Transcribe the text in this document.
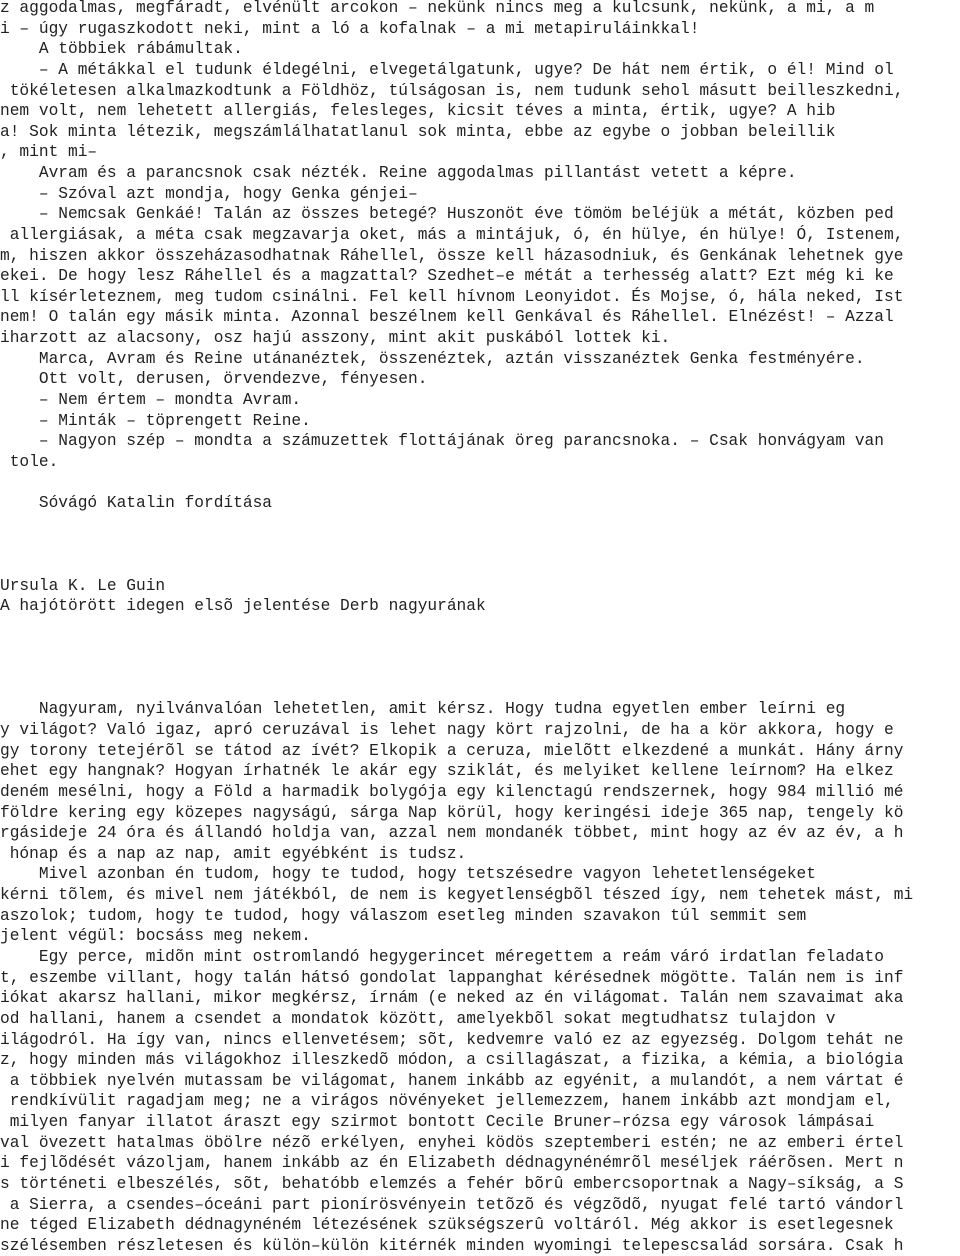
z aggodalmas, megfáradt, elvénült arcokon – nekünk nincs meg a kulcsunk, nekünk, a mi, a m
i – úgy rugaszkodott neki, mint a ló a kofalnak – a mi metapiruláinkkal!
A többiek rábámultak.
– A métákkal el tudunk éldegélni, elvegetálgatunk, ugye? De hát nem értik, o él! Mind ol
tökéletesen alkalmazkodtunk a Földhöz, túlságosan is, nem tudunk sehol másutt beilleszkedni,
nem volt, nem lehetett allergiás, felesleges, kicsit téves a minta, értik, ugye? A hib
a! Sok minta létezik, megszámlálhatatlanul sok minta, ebbe az egybe o jobban beleillik
, mint mi–
Avram és a parancsnok csak nézték. Reine aggodalmas pillantást vetett a képre.
– Szóval azt mondja, hogy Genka génjei–
– Nemcsak Genkáé! Talán az összes betegé? Huszonöt éve tömöm beléjük a métát, közben ped
allergiásak, a méta csak megzavarja oket, más a mintájuk, ó, én hülye, én hülye! Ó, Istenem,
m, hiszen akkor összeházasodhatnak Ráhellel, össze kell házasodniuk, és Genkának lehetnek gye
ekei. De hogy lesz Ráhellel és a magzattal? Szedhet–e métát a terhesség alatt? Ezt még ki ke
ll kísérleteznem, meg tudom csinálni. Fel kell hívnom Leonyidot. És Mojse, ó, hála neked, Ist
nem! O talán egy másik minta. Azonnal beszélnem kell Genkával és Ráhellel. Elnézést! – Azzal
iharzott az alacsony, osz hajú asszony, mint akit puskából lottek ki.
Marca, Avram és Reine utánanéztek, összenéztek, aztán visszanéztek Genka festményére.
Ott volt, derusen, örvendezve, fényesen.
– Nem értem – mondta Avram.
– Minták – töprengett Reine.
– Nagyon szép – mondta a számuzettek flottájának öreg parancsnoka. – Csak honvágyam van
tole.
Sóvágó Katalin fordítása
Ursula K. Le Guin
A hajótörött idegen elsõ jelentése Derb nagyurának
Nagyuram, nyilvánvalóan lehetetlen, amit kérsz. Hogy tudna egyetlen ember leírni eg
y világot? Való igaz, apró ceruzával is lehet nagy kört rajzolni, de ha a kör akkora, hogy e
gy torony tetejérõl se tátod az ívét? Elkopik a ceruza, mielõtt elkezdené a munkát. Hány árny
ehet egy hangnak? Hogyan írhatnék le akár egy sziklát, és melyiket kellene leírnom? Ha elkez
deném mesélni, hogy a Föld a harmadik bolygója egy kilenctagú rendszernek, hogy 984 millió mé
földre kering egy közepes nagyságú, sárga Nap körül, hogy keringési ideje 365 nap, tengely kö
rgásideje 24 óra és állandó holdja van, azzal nem mondanék többet, mint hogy az év az év, a h
hónap és a nap az nap, amit egyébként is tudsz.
Mivel azonban én tudom, hogy te tudod, hogy tetszésedre vagyon lehetetlenségeket
kérni tõlem, és mivel nem játékból, de nem is kegyetlenségbõl tészed így, nem tehetek mást, mi
aszolok; tudom, hogy te tudod, hogy válaszom esetleg minden szavakon túl semmit sem
jelent végül: bocsáss meg nekem.
Egy perce, midõn mint ostromlandó hegygerincet méregettem a reám váró irdatlan feladato
t, eszembe villant, hogy talán hátsó gondolat lappanghat kérésednek mögötte. Talán nem is inf
iókat akarsz hallani, mikor megkérsz, írnám (e neked az én világomat. Talán nem szavaimat aka
od hallani, hanem a csendet a mondatok között, amelyekbõl sokat megtudhatsz tulajdon v
ilágodról. Ha így van, nincs ellenvetésem; sõt, kedvemre való ez az egyezség. Dolgom tehát ne
z, hogy minden más világokhoz illeszkedõ módon, a csillagászat, a fizika, a kémia, a biológia
a többiek nyelvén mutassam be világomat, hanem inkább az egyénit, a mulandót, a nem vártat é
rendkívülit ragadjam meg; ne a virágos növényeket jellemezzem, hanem inkább azt mondjam el,
milyen fanyar illatot áraszt egy szirmot bontott Cecile Bruner–rózsa egy városok lámpásai
val övezett hatalmas öbölre nézõ erkélyen, enyhei ködös szeptemberi estén; ne az emberi értel
i fejlõdését vázoljam, hanem inkább az én Elizabeth dédnagynénémrõl meséljek ráérõsen. Mert n
s történeti elbeszélés, sõt, behatóbb elemzés a fehér bõrû embercsoportnak a Nagy–síkság, a S
a Sierra, a csendes–óceáni part pionírösvényein tetõzõ és végzõdõ, nyugat felé tartó vándorl
ne téged Elizabeth dédnagynéném létezésének szükségszerû voltáról. Még akkor is esetlegesnek
szélésemben részletesen és külön–külön kitérnék minden wyomingi telepescsalád sorsára. Csak h
